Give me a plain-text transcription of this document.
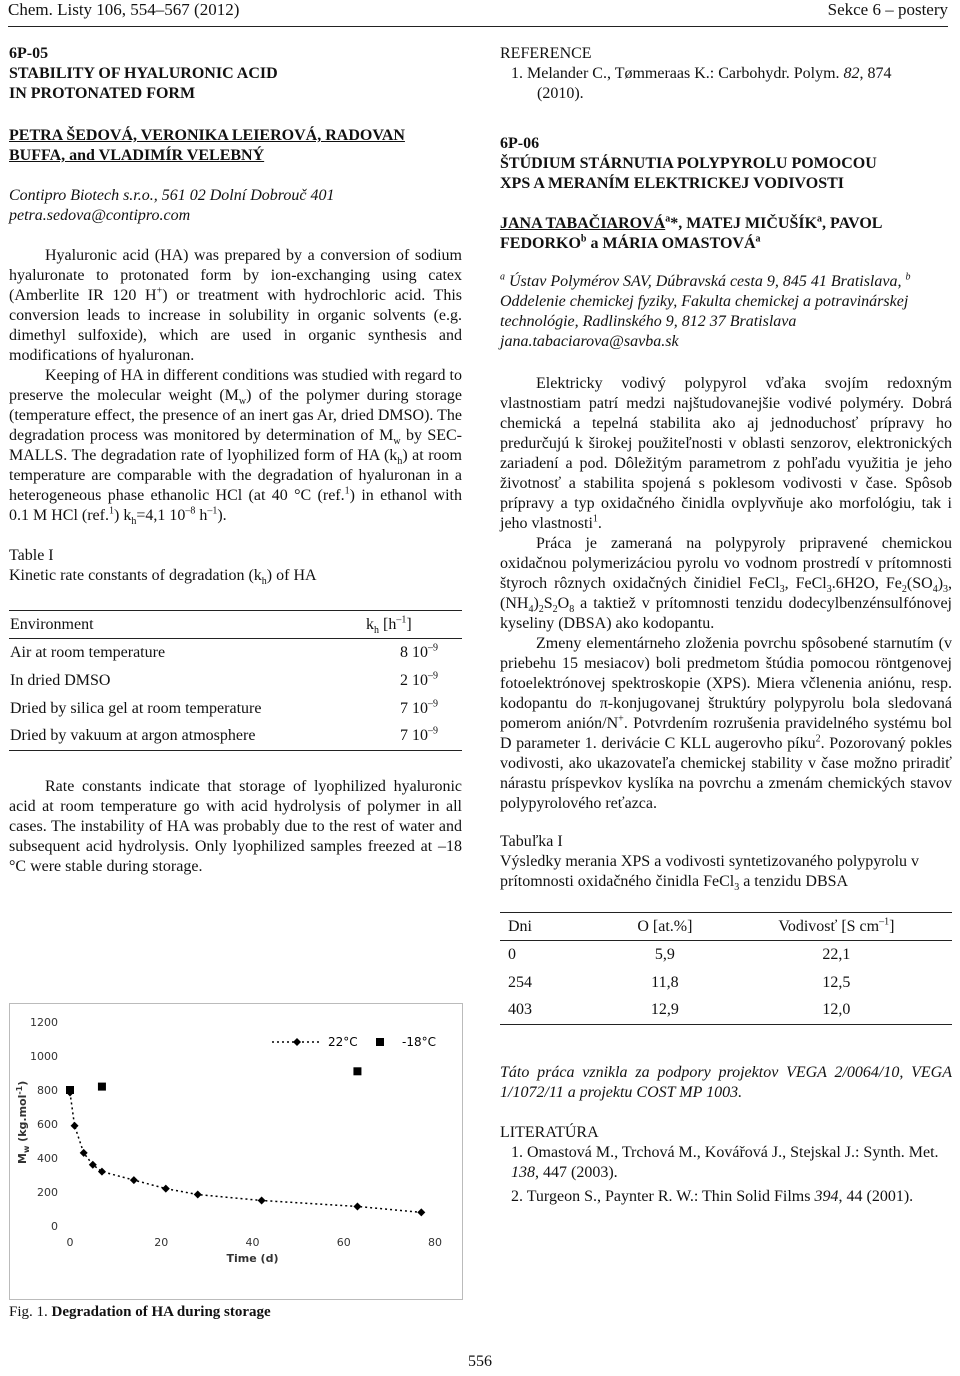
Chem. Listy 106, 554–567 (2012)	Sekce 6 – postery

6P-05

STABILITY OF HYALURONIC ACID

IN PROTONATED FORM

PETRA ŠEDOVÁ, VERONIKA LEIEROVÁ, RADOVAN

BUFFA, and VLADIMÍR VELEBNÝ

Contipro Biotech s.r.o., 561 02 Dolní Dobrouč 401

petra.sedova@contipro.com

Hyaluronic acid (HA) was prepared by a conversion of sodium hyaluronate to protonated form by ion-exchanging using catex (Amberlite IR 120 H+) or treatment with hydrochloric acid. This conversion leads to increase in solubility in organic solvents (e.g. dimethyl sulfoxide), which are used in organic synthesis and modifications of hyaluronan.

Keeping of HA in different conditions was studied with regard to preserve the molecular weight $(M_w)$ of the polymer during storage (temperature effect, the presence of an inert gas Ar, dried DMSO). The degradation process was monitored by determination of $M_w$ by SEC-MALLS. The degradation rate of lyophilized form of HA $(k_h)$ at room temperature are comparable with the degradation of hyaluronan in a heterogeneous phase ethanolic HCl (at 40 °C (ref.$^1$) in ethanol with 0.1 M HCl (ref.$^1$) $k_h=4,1$ $10^{-8}$ $h^{-1}$).

Table I

Kinetic rate constants of degradation $(k_h)$ of HA

Environment	$k_h$ $[h^{-1}]$
Air at room temperature	8 $10^{-9}$
In dried DMSO	2 $10^{-9}$
Dried by silica gel at room temperature	7 $10^{-9}$
Dried by vakuum at argon atmosphere	7 $10^{-9}$

Rate constants indicate that storage of lyophilized hyaluronic acid at room temperature go with acid hydrolysis of polymer in all cases. The instability of HA was probably due to the rest of water and subsequent acid hydrolysis. Only lyophilized samples freezed at –18 °C were stable during storage.

0
200
400
600
800
1000
1200
0	20	40	60	80
Time (d)
$M_w$ (kg.mol$^{-1}$)
22°C	-18°C
Fig. 1. Degradation of HA during storage

REFERENCE

1. Melander C., Tømmeraas K.: Carbohydr. Polym. 82, 874
(2010).

6P-06

ŠTÚDIUM STÁRNUTIA POLYPYROLU POMOCOU

XPS A MERANÍM ELEKTRICKEJ VODIVOSTI

JANA TABAČIAROVÁ$^a$*, MATEJ MIČUŠÍK$^a$, PAVOL
FEDORKO$^b$ a MÁRIA OMASTOVÁ$^a$

$^a$ Ústav Polymérov SAV, Dúbravská cesta 9, 845 41 Bratislava, $^b$ Oddelenie chemickej fyziky, Fakulta chemickej a potravinárskej technológie, Radlinského 9, 812 37 Bratislava
jana.tabaciarova@savba.sk

Elektricky vodivý polypyrol vďaka svojím redoxným vlastnostiam patrí medzi najštudovanejšie vodivé polyméry. Dobrá chemická a tepelná stabilita ako aj jednoduchosť prípravy ho predurčujú k širokej použiteľnosti v oblasti senzorov, elektronických zariadení a pod. Dôležitým parametrom z pohľadu využitia je jeho životnosť a stabilita spojená s poklesom vodivosti v čase. Spôsob prípravy a typ oxidačného činidla ovplyvňuje ako morfológiu, tak i jeho vlastnosti$^1$.

Práca je zameraná na polypyroly pripravené chemickou oxidačnou polymerizáciou pyrolu vo vodnom prostredí v prítomnosti štyroch rôznych oxidačných činidiel FeCl$_3$, FeCl$_3$.6H2O, $Fe_2(SO_4)_3$, $(NH_4)_2S_2O_8$ a taktiež v prítomnosti tenzidu dodecylbenzénsulfónovej kyseliny (DBSA) ako kodopantu.

Zmeny elementárneho zloženia povrchu spôsobené starnutím (v priebehu 15 mesiacov) boli predmetom štúdia pomocou röntgenovej fotoelektrónovej spektroskopie (XPS). Miera včlenenia aniónu, resp. kodopantu do π-konjugovanej štruktúry polypyrolu bola sledovaná pomerom anión/N+. Potvrdením rozrušenia pravidelného systému bol D parameter 1. derivácie C KLL augerovho píku$^2$. Pozorovaný pokles vodivosti, ako ukazovateľa chemickej stability v čase možno priradiť nárastu príspevkov kyslíka na povrchu a zmenám chemických stavov polypyrolového reťazca.

Tabuľka I

Výsledky merania XPS a vodivosti syntetizovaného polypyrolu v prítomnosti oxidačného činidla FeCl$_3$ a tenzidu DBSA

Dni	O [at.%]	Vodivosť [S $cm^{-1}$]
0	5,9	22,1
254	11,8	12,5
403	12,9	12,0

Táto práca vznikla za podpory projektov VEGA 2/0064/10, VEGA 1/1072/11 a projektu COST MP 1003.

LITERATÚRA

1. Omastová M., Trchová M., Kovářová J., Stejskal J.: Synth. Met. 138, 447 (2003).

2. Turgeon S., Paynter R. W.: Thin Solid Films 394, 44 (2001).

556
